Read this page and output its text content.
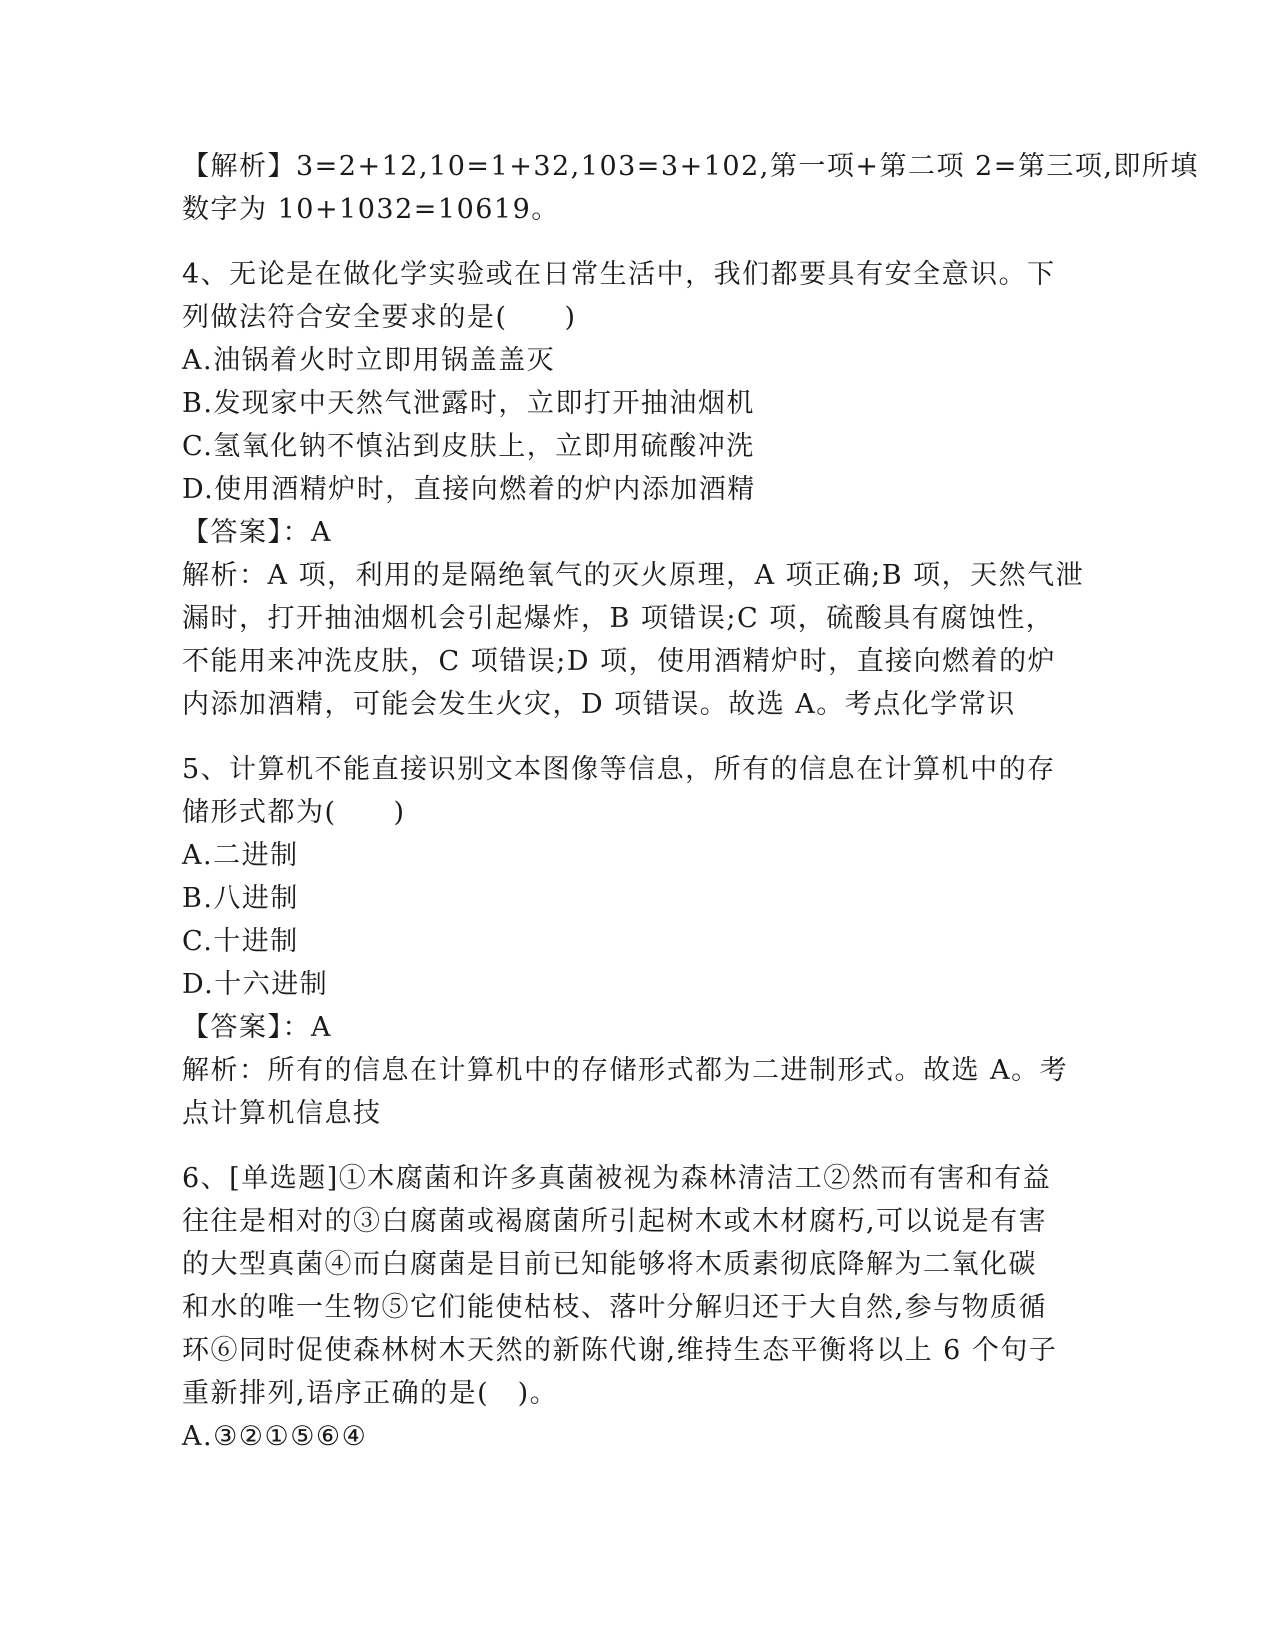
【解析】3=2+12,10=1+32,103=3+102,第一项+第二项 2=第三项,即所填
数字为 10+1032=10619。
4、无论是在做化学实验或在日常生活中，我们都要具有安全意识。下
列做法符合安全要求的是(　　)
A.油锅着火时立即用锅盖盖灭
B.发现家中天然气泄露时，立即打开抽油烟机
C.氢氧化钠不慎沾到皮肤上，立即用硫酸冲洗
D.使用酒精炉时，直接向燃着的炉内添加酒精
【答案】：A
解析：A 项，利用的是隔绝氧气的灭火原理，A 项正确;B 项，天然气泄
漏时，打开抽油烟机会引起爆炸，B 项错误;C 项，硫酸具有腐蚀性，
不能用来冲洗皮肤，C 项错误;D 项，使用酒精炉时，直接向燃着的炉
内添加酒精，可能会发生火灾，D 项错误。故选 A。考点化学常识
5、计算机不能直接识别文本图像等信息，所有的信息在计算机中的存
储形式都为(　　)
A.二进制
B.八进制
C.十进制
D.十六进制
【答案】：A
解析：所有的信息在计算机中的存储形式都为二进制形式。故选 A。考
点计算机信息技
6、[单选题]①木腐菌和许多真菌被视为森林清洁工②然而有害和有益
往往是相对的③白腐菌或褐腐菌所引起树木或木材腐朽,可以说是有害
的大型真菌④而白腐菌是目前已知能够将木质素彻底降解为二氧化碳
和水的唯一生物⑤它们能使枯枝、落叶分解归还于大自然,参与物质循
环⑥同时促使森林树木天然的新陈代谢,维持生态平衡将以上 6 个句子
重新排列,语序正确的是(　)。
A.③②①⑤⑥④
